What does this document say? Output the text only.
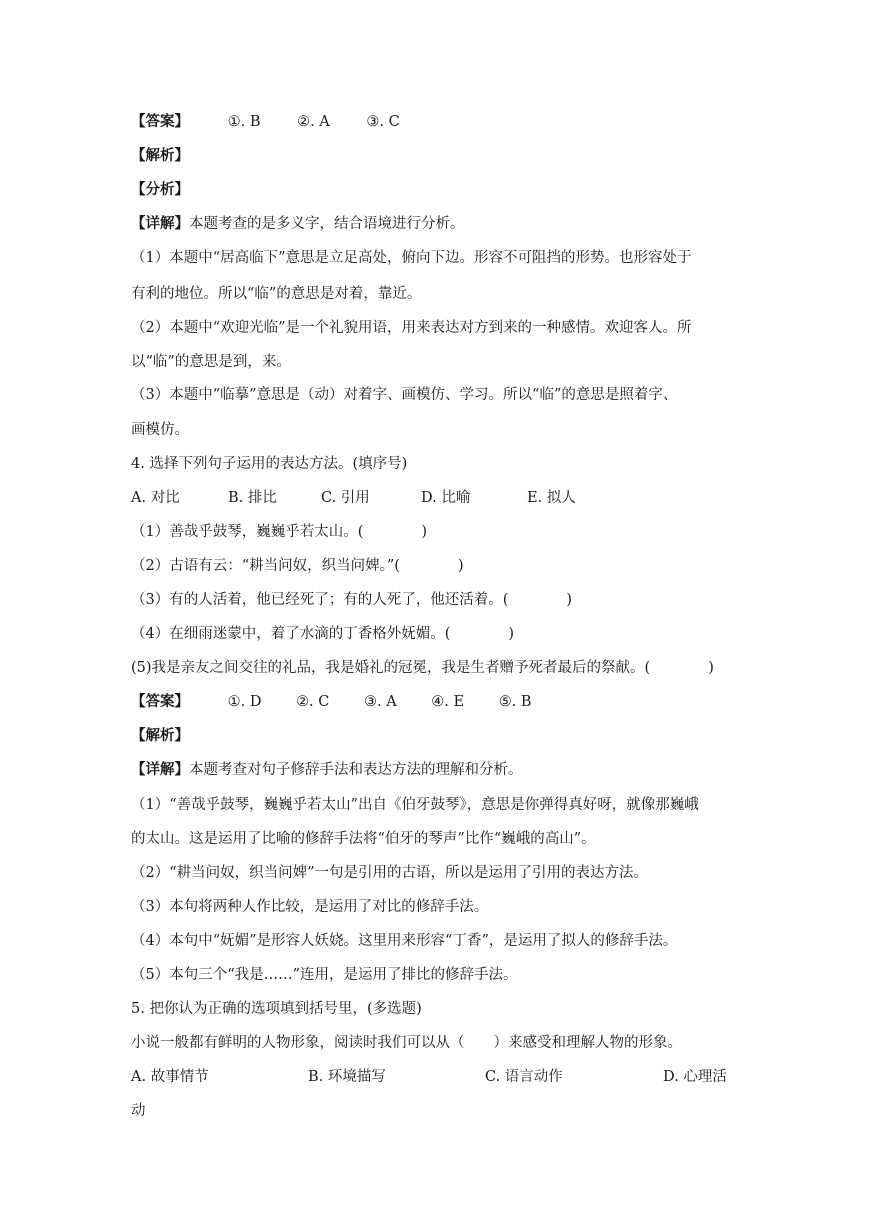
【答案】	①. B	②. A	③. C
【解析】
【分析】
【详解】本题考查的是多义字，结合语境进行分析。
（1）本题中“居高临下”意思是立足高处，俯向下边。形容不可阻挡的形势。也形容处于
有利的地位。所以“临”的意思是对着，靠近。
（2）本题中“欢迎光临”是一个礼貌用语，用来表达对方到来的一种感情。欢迎客人。所
以“临”的意思是到，来。
（3）本题中“临摹”意思是（动）对着字、画模仿、学习。所以“临”的意思是照着字、
画模仿。
4. 选择下列句子运用的表达方法。(填序号)
A. 对比	B. 排比	C. 引用	D. 比喻	E. 拟人
（1）善哉乎鼓琴，巍巍乎若太山。(　　　　)
（2）古语有云：“耕当问奴，织当问婢。”(　　　　)
（3）有的人活着，他已经死了；有的人死了，他还活着。(　　　　)
（4）在细雨迷蒙中，着了水滴的丁香格外妩媚。(　　　　)
(5)我是亲友之间交往的礼品，我是婚礼的冠冕，我是生者赠予死者最后的祭献。(　　　　)
【答案】	①. D ②. C ③. A ④. E ⑤. B
【解析】
【详解】本题考查对句子修辞手法和表达方法的理解和分析。
（1）“善哉乎鼓琴，巍巍乎若太山”出自《伯牙鼓琴》，意思是你弹得真好呀，就像那巍峨
的太山。这是运用了比喻的修辞手法将“伯牙的琴声”比作“巍峨的高山”。
（2）“耕当问奴，织当问婢”一句是引用的古语，所以是运用了引用的表达方法。
（3）本句将两种人作比较，是运用了对比的修辞手法。
（4）本句中“妩媚”是形容人妖娆。这里用来形容“丁香”，是运用了拟人的修辞手法。
（5）本句三个“我是……”连用，是运用了排比的修辞手法。
5. 把你认为正确的选项填到括号里，(多选题)
小说一般都有鲜明的人物形象，阅读时我们可以从（　　）来感受和理解人物的形象。
A. 故事情节	B. 环境描写	C. 语言动作	D. 心理活
动
